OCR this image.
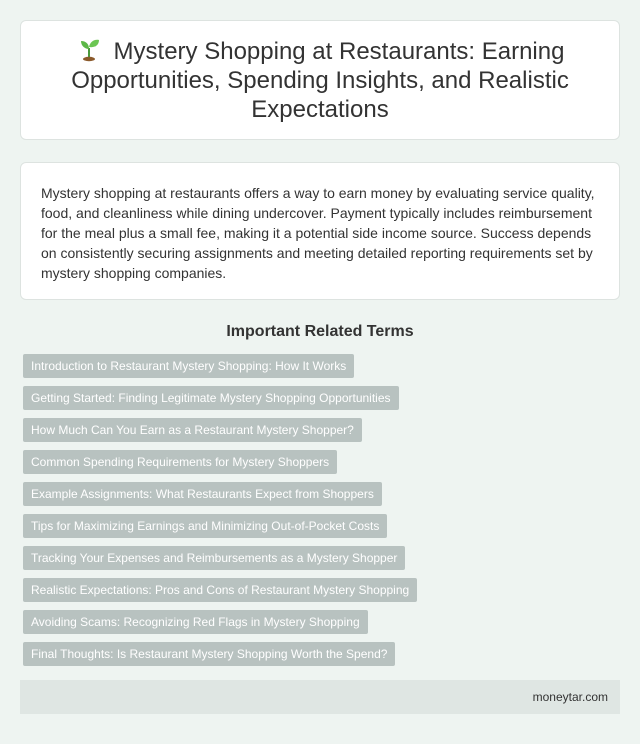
Mystery Shopping at Restaurants: Earning Opportunities, Spending Insights, and Realistic Expectations

Mystery shopping at restaurants offers a way to earn money by evaluating service quality, food, and cleanliness while dining undercover. Payment typically includes reimbursement for the meal plus a small fee, making it a potential side income source. Success depends on consistently securing assignments and meeting detailed reporting requirements set by mystery shopping companies.

Important Related Terms
Introduction to Restaurant Mystery Shopping: How It Works
Getting Started: Finding Legitimate Mystery Shopping Opportunities
How Much Can You Earn as a Restaurant Mystery Shopper?
Common Spending Requirements for Mystery Shoppers
Example Assignments: What Restaurants Expect from Shoppers
Tips for Maximizing Earnings and Minimizing Out-of-Pocket Costs
Tracking Your Expenses and Reimbursements as a Mystery Shopper
Realistic Expectations: Pros and Cons of Restaurant Mystery Shopping
Avoiding Scams: Recognizing Red Flags in Mystery Shopping
Final Thoughts: Is Restaurant Mystery Shopping Worth the Spend?
moneytar.com
